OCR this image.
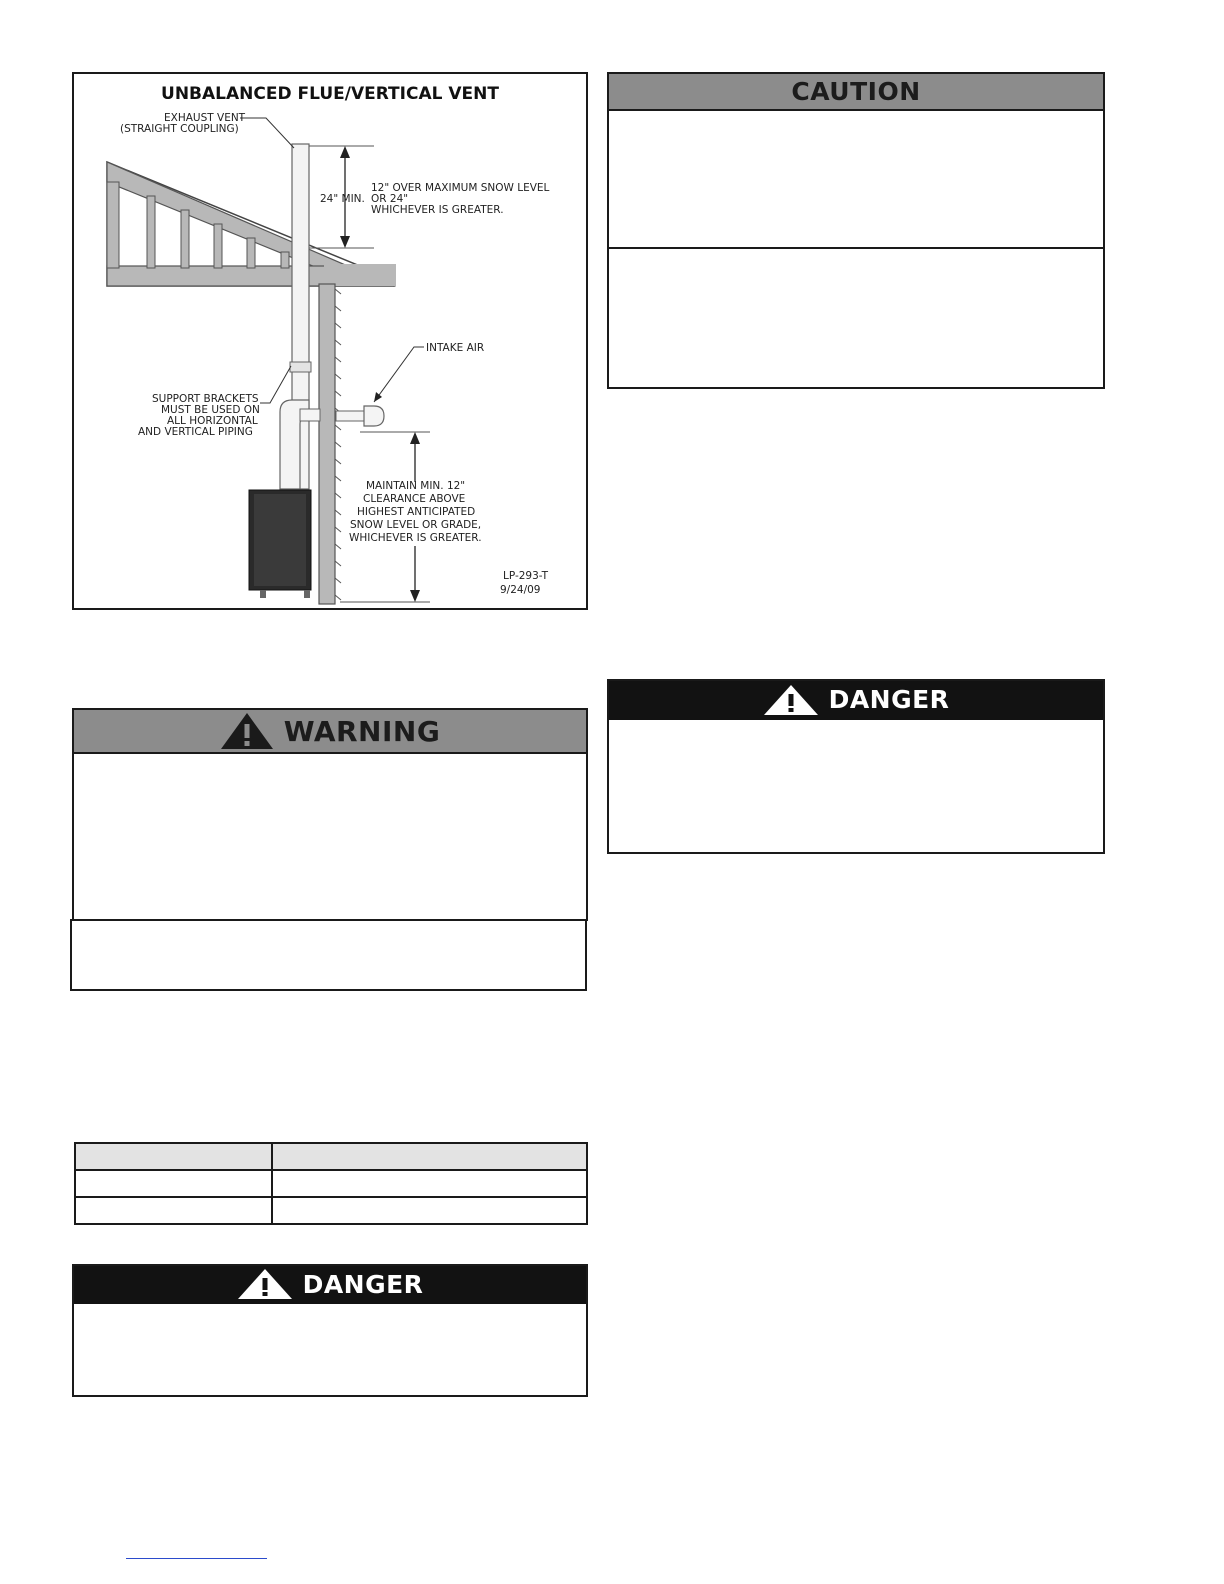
UNBALANCED FLUE/VERTICAL VENT
EXHAUST VENT
(STRAIGHT COUPLING)
24" MIN.
12" OVER MAXIMUM SNOW LEVEL
OR 24"
WHICHEVER IS GREATER.
INTAKE AIR
SUPPORT BRACKETS
MUST BE USED ON
ALL HORIZONTAL
AND VERTICAL PIPING
MAINTAIN MIN. 12"
CLEARANCE ABOVE
HIGHEST ANTICIPATED
SNOW LEVEL OR GRADE,
WHICHEVER IS GREATER.
LP-293-T
9/24/09
CAUTION
WARNING

DANGER
DANGER
